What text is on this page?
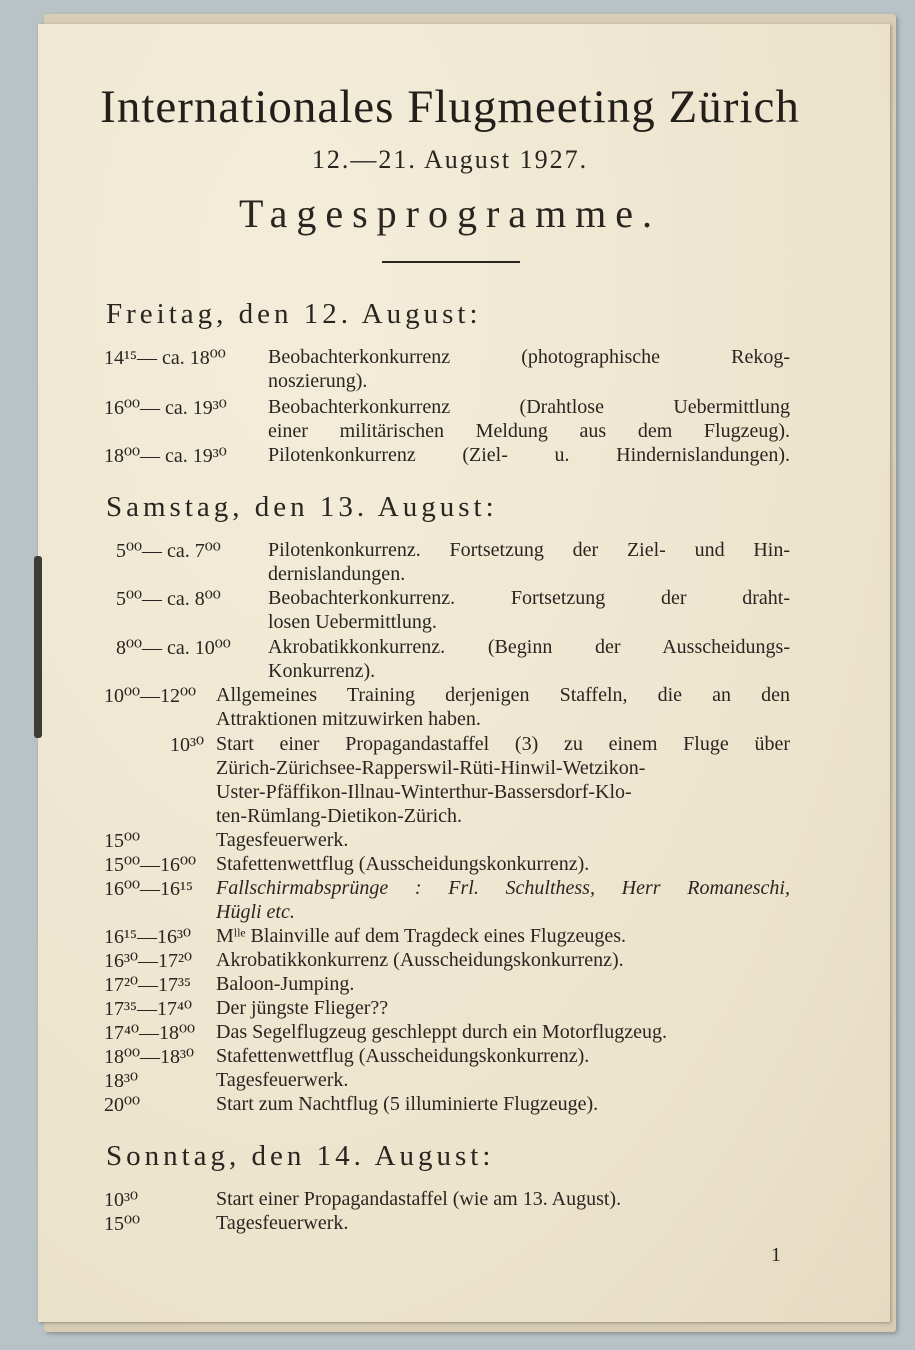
Internationales Flugmeeting Zürich
12.—21. August 1927.
Tagesprogramme.
Freitag, den 12. August:
14¹⁵— ca. 18⁰⁰ Beobachterkonkurrenz (photographische Rekog-
noszierung).
16⁰⁰— ca. 19³⁰ Beobachterkonkurrenz (Drahtlose Uebermittlung
einer militärischen Meldung aus dem Flugzeug).
18⁰⁰— ca. 19³⁰ Pilotenkonkurrenz (Ziel- u. Hindernislandungen).
Samstag, den 13. August:
5⁰⁰— ca. 7⁰⁰ Pilotenkonkurrenz. Fortsetzung der Ziel- und Hin-
dernislandungen.
5⁰⁰— ca. 8⁰⁰ Beobachterkonkurrenz. Fortsetzung der draht-
losen Uebermittlung.
8⁰⁰— ca. 10⁰⁰ Akrobatikkonkurrenz. (Beginn der Ausscheidungs-
Konkurrenz).
10⁰⁰—12⁰⁰ Allgemeines Training derjenigen Staffeln, die an den
Attraktionen mitzuwirken haben.
10³⁰ Start einer Propagandastaffel (3) zu einem Fluge über
Zürich-Zürichsee-Rapperswil-Rüti-Hinwil-Wetzikon-
Uster-Pfäffikon-Illnau-Winterthur-Bassersdorf-Klo-
ten-Rümlang-Dietikon-Zürich.
15⁰⁰	Tagesfeuerwerk.
15⁰⁰—16⁰⁰ Stafettenwettflug (Ausscheidungskonkurrenz).
16⁰⁰—16¹⁵ Fallschirmabsprünge : Frl. Schulthess, Herr Romaneschi,
Hügli etc.
16¹⁵—16³⁰ Mˡˡᵉ Blainville auf dem Tragdeck eines Flugzeuges.
16³⁰—17²⁰ Akrobatikkonkurrenz (Ausscheidungskonkurrenz).
17²⁰—17³⁵ Baloon-Jumping.
17³⁵—17⁴⁰ Der jüngste Flieger??
17⁴⁰—18⁰⁰ Das Segelflugzeug geschleppt durch ein Motorflugzeug.
18⁰⁰—18³⁰ Stafettenwettflug (Ausscheidungskonkurrenz).
18³⁰	Tagesfeuerwerk.
20⁰⁰	Start zum Nachtflug (5 illuminierte Flugzeuge).
Sonntag, den 14. August:
10³⁰	Start einer Propagandastaffel (wie am 13. August).
15⁰⁰	Tagesfeuerwerk.
1
